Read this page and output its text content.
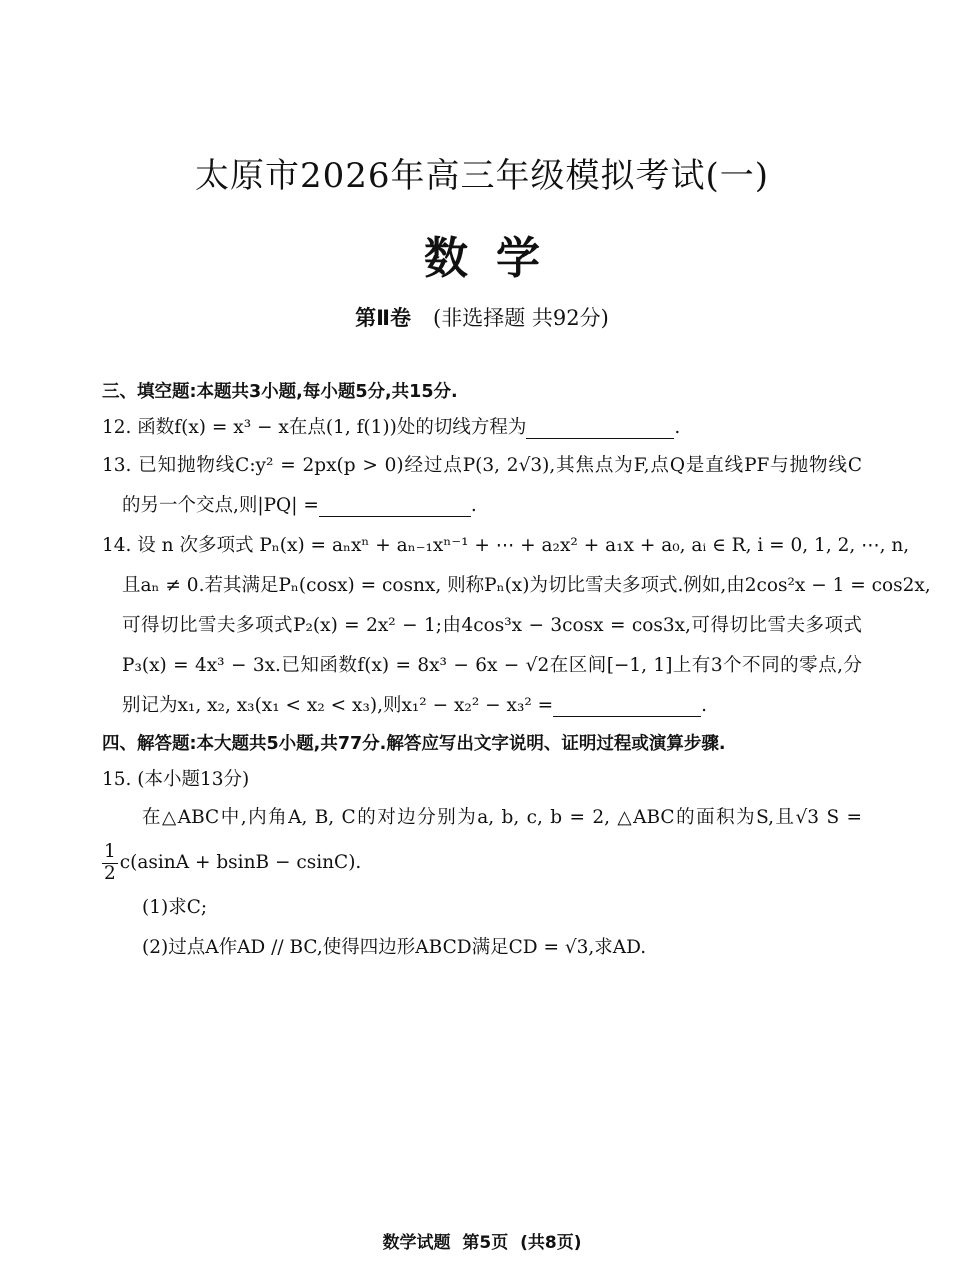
太原市2026年高三年级模拟考试(一)
数学
第Ⅱ卷 (非选择题 共92分)
三、填空题:本题共3小题,每小题5分,共15分.
12. 函数f(x) = x³ − x在点(1, f(1))处的切线方程为	.
13. 已知抛物线C:y² = 2px(p > 0)经过点P(3, 2√3),其焦点为F,点Q是直线PF与抛物线C
的另一个交点,则|PQ| =	.
14. 设 n 次多项式 Pₙ(x) = aₙxⁿ + aₙ₋₁xⁿ⁻¹ + ⋯ + a₂x² + a₁x + a₀, aᵢ ∈ R, i = 0, 1, 2, ⋯, n,
且aₙ ≠ 0.若其满足Pₙ(cosx) = cosnx, 则称Pₙ(x)为切比雪夫多项式.例如,由2cos²x − 1 = cos2x,
可得切比雪夫多项式P₂(x) = 2x² − 1;由4cos³x − 3cosx = cos3x,可得切比雪夫多项式
P₃(x) = 4x³ − 3x.已知函数f(x) = 8x³ − 6x − √2在区间[−1, 1]上有3个不同的零点,分
别记为x₁, x₂, x₃(x₁ < x₂ < x₃),则x₁² − x₂² − x₃² =	.
四、解答题:本大题共5小题,共77分.解答应写出文字说明、证明过程或演算步骤.
15. (本小题13分)
在△ABC中,内角A, B, C的对边分别为a, b, c, b = 2, △ABC的面积为S,且√3 S =
$\frac{1}{2} c(asinA + bsinB - csinC)$.
(1)求C;
(2)过点A作AD // BC,使得四边形ABCD满足CD = √3,求AD.
数学试题 第5页 (共8页)
